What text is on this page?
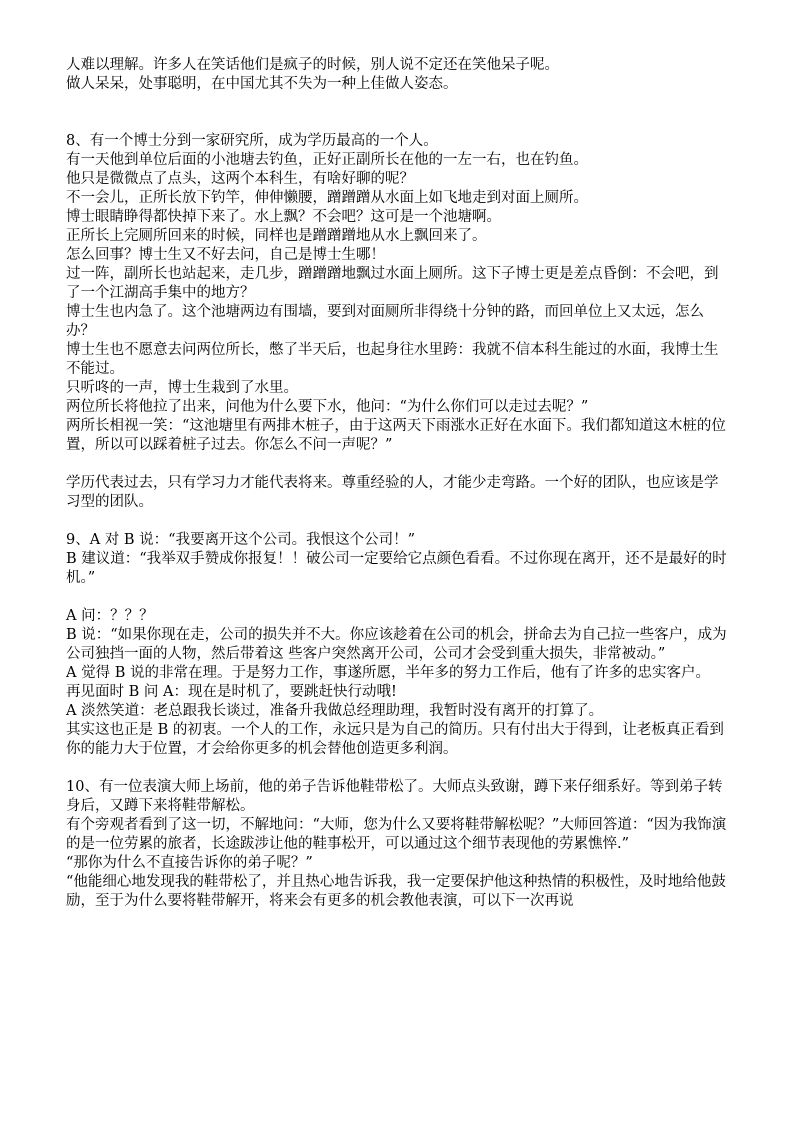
人难以理解。许多人在笑话他们是疯子的时候，别人说不定还在笑他呆子呢。

做人呆呆，处事聪明，在中国尤其不失为一种上佳做人姿态。

8、有一个博士分到一家研究所，成为学历最高的一个人。

有一天他到单位后面的小池塘去钓鱼，正好正副所长在他的一左一右，也在钓鱼。

他只是微微点了点头，这两个本科生，有啥好聊的呢？

不一会儿，正所长放下钓竿，伸伸懒腰，蹭蹭蹭从水面上如飞地走到对面上厕所。

博士眼睛睁得都快掉下来了。水上飘？不会吧？这可是一个池塘啊。

正所长上完厕所回来的时候，同样也是蹭蹭蹭地从水上飘回来了。

怎么回事？博士生又不好去问，自己是博士生哪！

过一阵，副所长也站起来，走几步，蹭蹭蹭地飘过水面上厕所。这下子博士更是差点昏倒：不会吧，到了一个江湖高手集中的地方？

博士生也内急了。这个池塘两边有围墙，要到对面厕所非得绕十分钟的路，而回单位上又太远，怎么办？

博士生也不愿意去问两位所长，憋了半天后，也起身往水里跨：我就不信本科生能过的水面，我博士生不能过。

只听咚的一声，博士生栽到了水里。

两位所长将他拉了出来，问他为什么要下水，他问：“为什么你们可以走过去呢？”

两所长相视一笑：“这池塘里有两排木桩子，由于这两天下雨涨水正好在水面下。我们都知道这木桩的位置，所以可以踩着桩子过去。你怎么不问一声呢？”

学历代表过去，只有学习力才能代表将来。尊重经验的人，才能少走弯路。一个好的团队，也应该是学习型的团队。

9、A 对 B 说：“我要离开这个公司。我恨这个公司！”

B 建议道：“我举双手赞成你报复！！破公司一定要给它点颜色看看。不过你现在离开，还不是最好的时机。”

A 问：？？？

B 说：“如果你现在走，公司的损失并不大。你应该趁着在公司的机会，拼命去为自己拉一些客户，成为公司独挡一面的人物，然后带着这 些客户突然离开公司，公司才会受到重大损失，非常被动。”

A 觉得 B 说的非常在理。于是努力工作，事遂所愿，半年多的努力工作后，他有了许多的忠实客户。

再见面时 B 问 A：现在是时机了，要跳赶快行动哦!

A 淡然笑道：老总跟我长谈过，准备升我做总经理助理，我暂时没有离开的打算了。

其实这也正是 B 的初衷。一个人的工作，永远只是为自己的简历。只有付出大于得到，让老板真正看到你的能力大于位置，才会给你更多的机会替他创造更多利润。

10、有一位表演大师上场前，他的弟子告诉他鞋带松了。大师点头致谢，蹲下来仔细系好。等到弟子转身后，又蹲下来将鞋带解松。

有个旁观者看到了这一切，不解地问：“大师，您为什么又要将鞋带解松呢？”大师回答道：“因为我饰演的是一位劳累的旅者，长途跋涉让他的鞋事松开，可以通过这个细节表现他的劳累憔悴.”

“那你为什么不直接告诉你的弟子呢？”

“他能细心地发现我的鞋带松了，并且热心地告诉我，我一定要保护他这种热情的积极性，及时地给他鼓励，至于为什么要将鞋带解开，将来会有更多的机会教他表演，可以下一次再说
